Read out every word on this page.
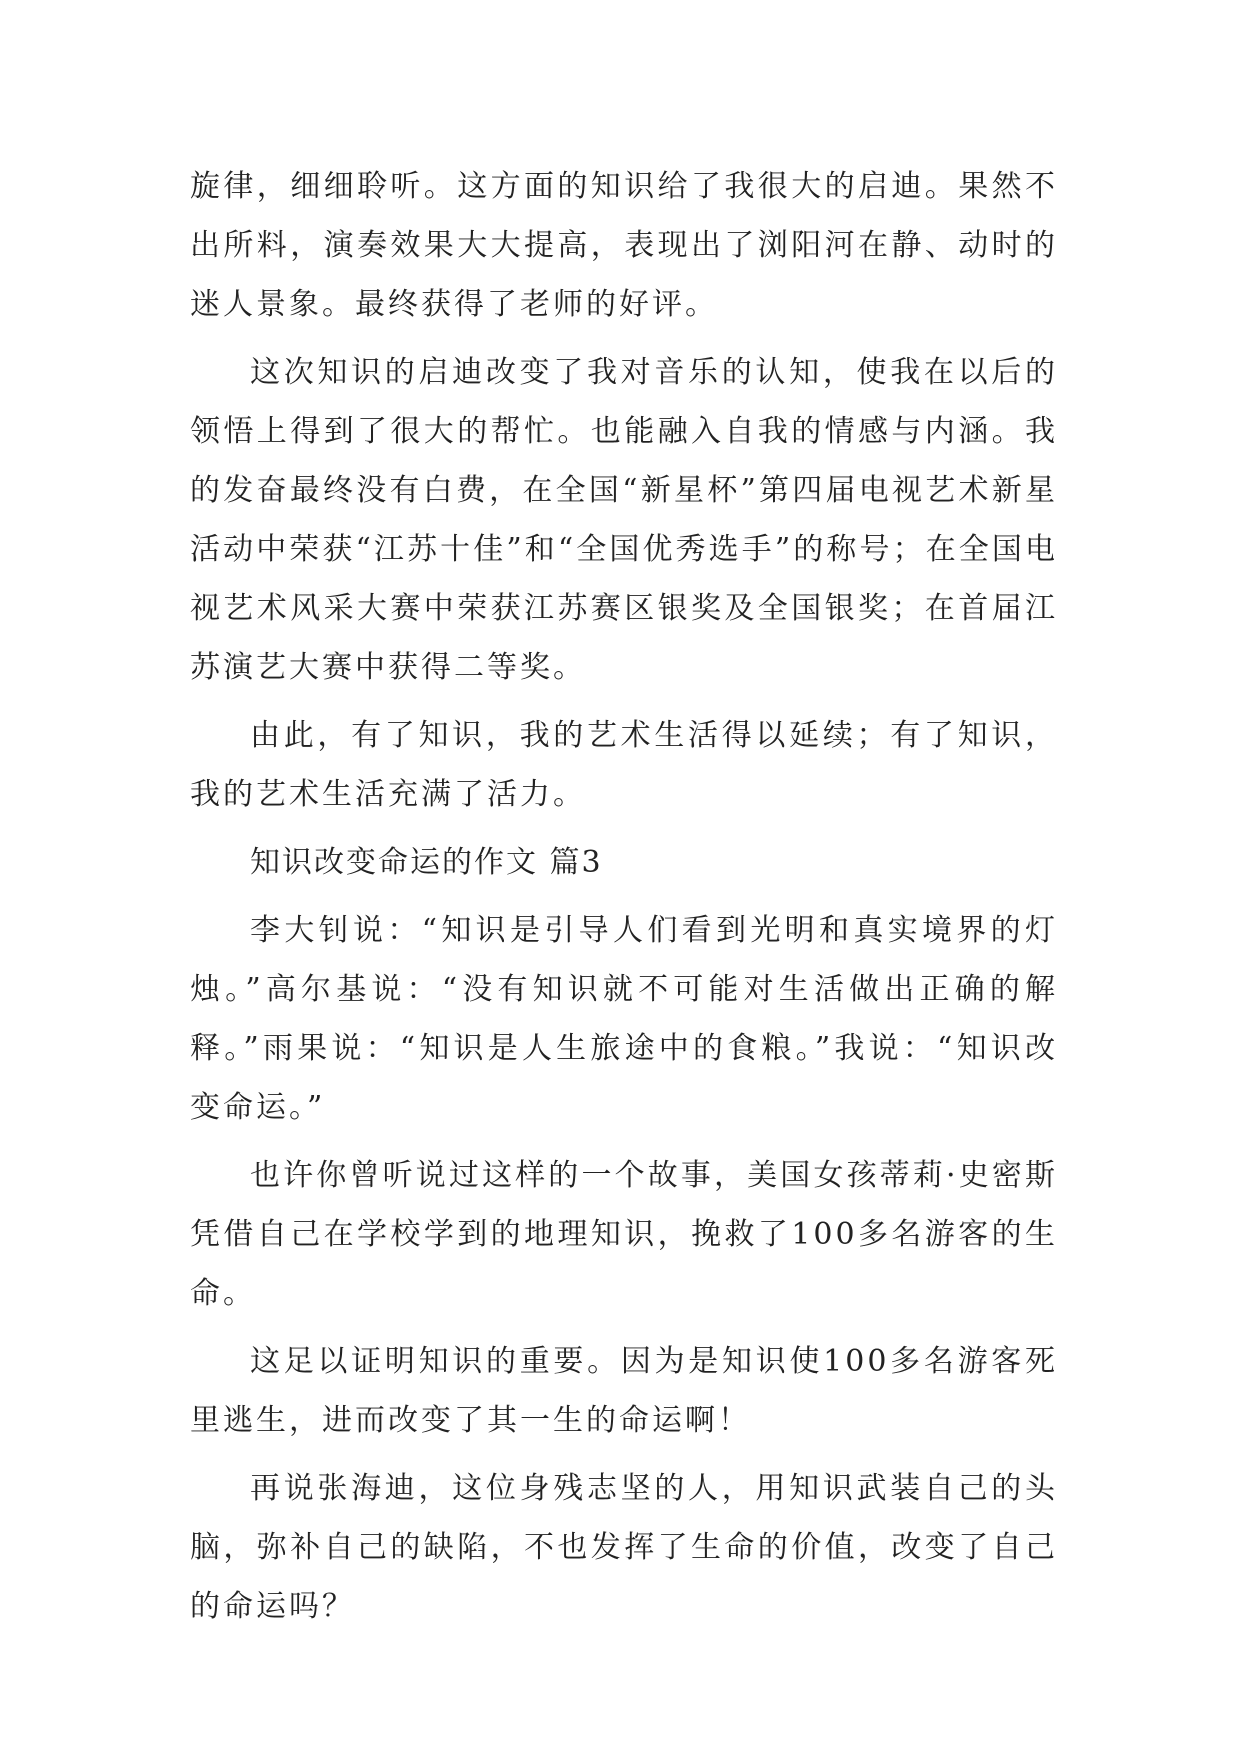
旋律，细细聆听。这方面的知识给了我很大的启迪。果然不出所料，演奏效果大大提高，表现出了浏阳河在静、动时的迷人景象。最终获得了老师的好评。

这次知识的启迪改变了我对音乐的认知，使我在以后的领悟上得到了很大的帮忙。也能融入自我的情感与内涵。我的发奋最终没有白费，在全国“新星杯”第四届电视艺术新星活动中荣获“江苏十佳”和“全国优秀选手”的称号；在全国电视艺术风采大赛中荣获江苏赛区银奖及全国银奖；在首届江苏演艺大赛中获得二等奖。

由此，有了知识，我的艺术生活得以延续；有了知识，我的艺术生活充满了活力。

知识改变命运的作文 篇3

李大钊说：“知识是引导人们看到光明和真实境界的灯烛。”高尔基说：“没有知识就不可能对生活做出正确的解释。”雨果说：“知识是人生旅途中的食粮。”我说：“知识改变命运。”

也许你曾听说过这样的一个故事，美国女孩蒂莉·史密斯凭借自己在学校学到的地理知识，挽救了100多名游客的生命。

这足以证明知识的重要。因为是知识使100多名游客死里逃生，进而改变了其一生的命运啊！

再说张海迪，这位身残志坚的人，用知识武装自己的头脑，弥补自己的缺陷，不也发挥了生命的价值，改变了自己的命运吗？
